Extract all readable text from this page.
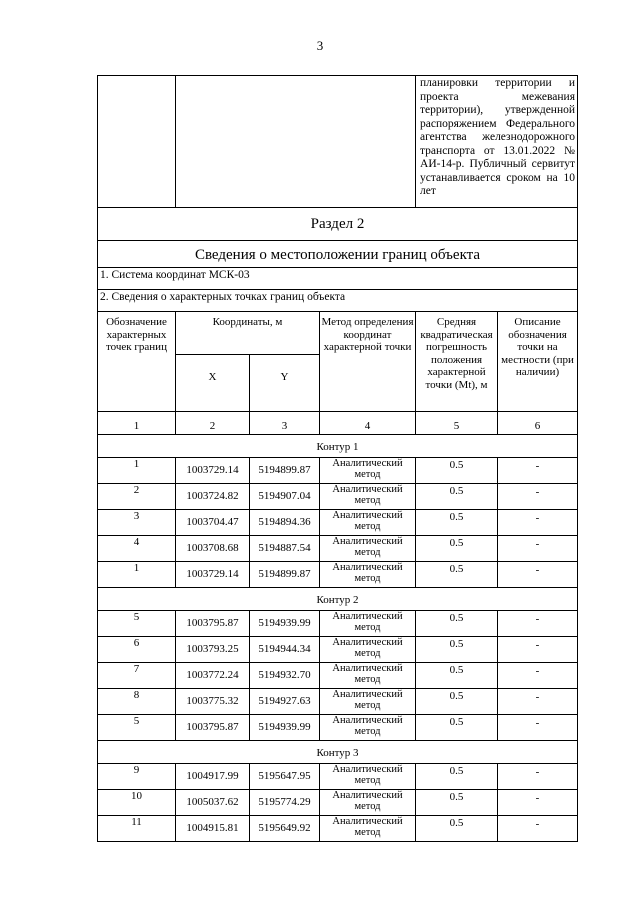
3
				планировки территории и проекта межевания территории), утвержденной распоряжением Федерального агентства железнодорожного транспорта от 13.01.2022 № АИ-14-р. Публичный сервитут устанавливается сроком на 10 лет	
Раздел 2					
Сведения о местоположении границ объекта					
1. Система координат МСК-03					
2. Сведения о характерных точках границ объекта					
Обозначение характерных точек границ	Координаты, м		Метод определения координат характерной точки	Средняя квадратическая погрешность положения характерной точки (Mt), м	Описание обозначения точки на местности (при наличии)
	X	Y			
1	2	3	4	5	6
Контур 1					
1	1003729.14	5194899.87	Аналитический метод	0.5	-
2	1003724.82	5194907.04	Аналитический метод	0.5	-
3	1003704.47	5194894.36	Аналитический метод	0.5	-
4	1003708.68	5194887.54	Аналитический метод	0.5	-
1	1003729.14	5194899.87	Аналитический метод	0.5	-
Контур 2					
5	1003795.87	5194939.99	Аналитический метод	0.5	-
6	1003793.25	5194944.34	Аналитический метод	0.5	-
7	1003772.24	5194932.70	Аналитический метод	0.5	-
8	1003775.32	5194927.63	Аналитический метод	0.5	-
5	1003795.87	5194939.99	Аналитический метод	0.5	-
Контур 3					
9	1004917.99	5195647.95	Аналитический метод	0.5	-
10	1005037.62	5195774.29	Аналитический метод	0.5	-
11	1004915.81	5195649.92	Аналитический метод	0.5	-
